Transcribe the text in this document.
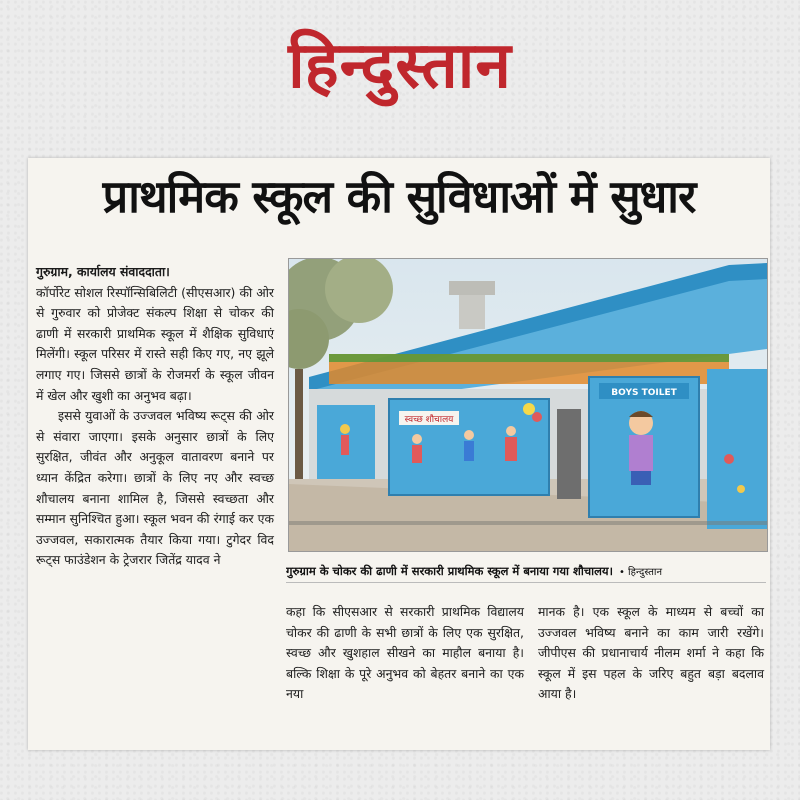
हिन्दुस्तान
प्राथमिक स्कूल की सुविधाओं में सुधार

गुरुग्राम, कार्यालय संवाददाता।

कॉर्पोरेट सोशल रिस्पॉन्सिबिलिटी (सीएसआर) की ओर से गुरुवार को प्रोजेक्ट संकल्प शिक्षा से चोकर की ढाणी में सरकारी प्राथमिक स्कूल में शैक्षिक सुविधाएं मिलेंगी। स्कूल परिसर में रास्ते सही किए गए, नए झूले लगाए गए। जिससे छात्रों के रोजमर्रा के स्कूल जीवन में खेल और खुशी का अनुभव बढ़ा।

इससे युवाओं के उज्जवल भविष्य रूट्स की ओर से संवारा जाएगा। इसके अनुसार छात्रों के लिए सुरक्षित, जीवंत और अनुकूल वातावरण बनाने पर ध्यान केंद्रित करेगा। छात्रों के लिए नए और स्वच्छ शौचालय बनाना शामिल है, जिससे स्वच्छता और सम्मान सुनिश्चित हुआ। स्कूल भवन की रंगाई कर एक उज्जवल, सकारात्मक तैयार किया गया। टुगेदर विद रूट्स फाउंडेशन के ट्रेजरार जितेंद्र यादव ने

स्वच्छ शौचालय
BOYS TOILET
गुरुग्राम के चोकर की ढाणी में सरकारी प्राथमिक स्कूल में बनाया गया शौचालय। • हिन्दुस्तान

कहा कि सीएसआर से सरकारी प्राथमिक विद्यालय चोकर की ढाणी के सभी छात्रों के लिए एक सुरक्षित, स्वच्छ और खुशहाल सीखने का माहौल बनाया है। बल्कि शिक्षा के पूरे अनुभव को बेहतर बनाने का एक नया

मानक है। एक स्कूल के माध्यम से बच्चों का उज्जवल भविष्य बनाने का काम जारी रखेंगे। जीपीएस की प्रधानाचार्य नीलम शर्मा ने कहा कि स्कूल में इस पहल के जरिए बहुत बड़ा बदलाव आया है।
